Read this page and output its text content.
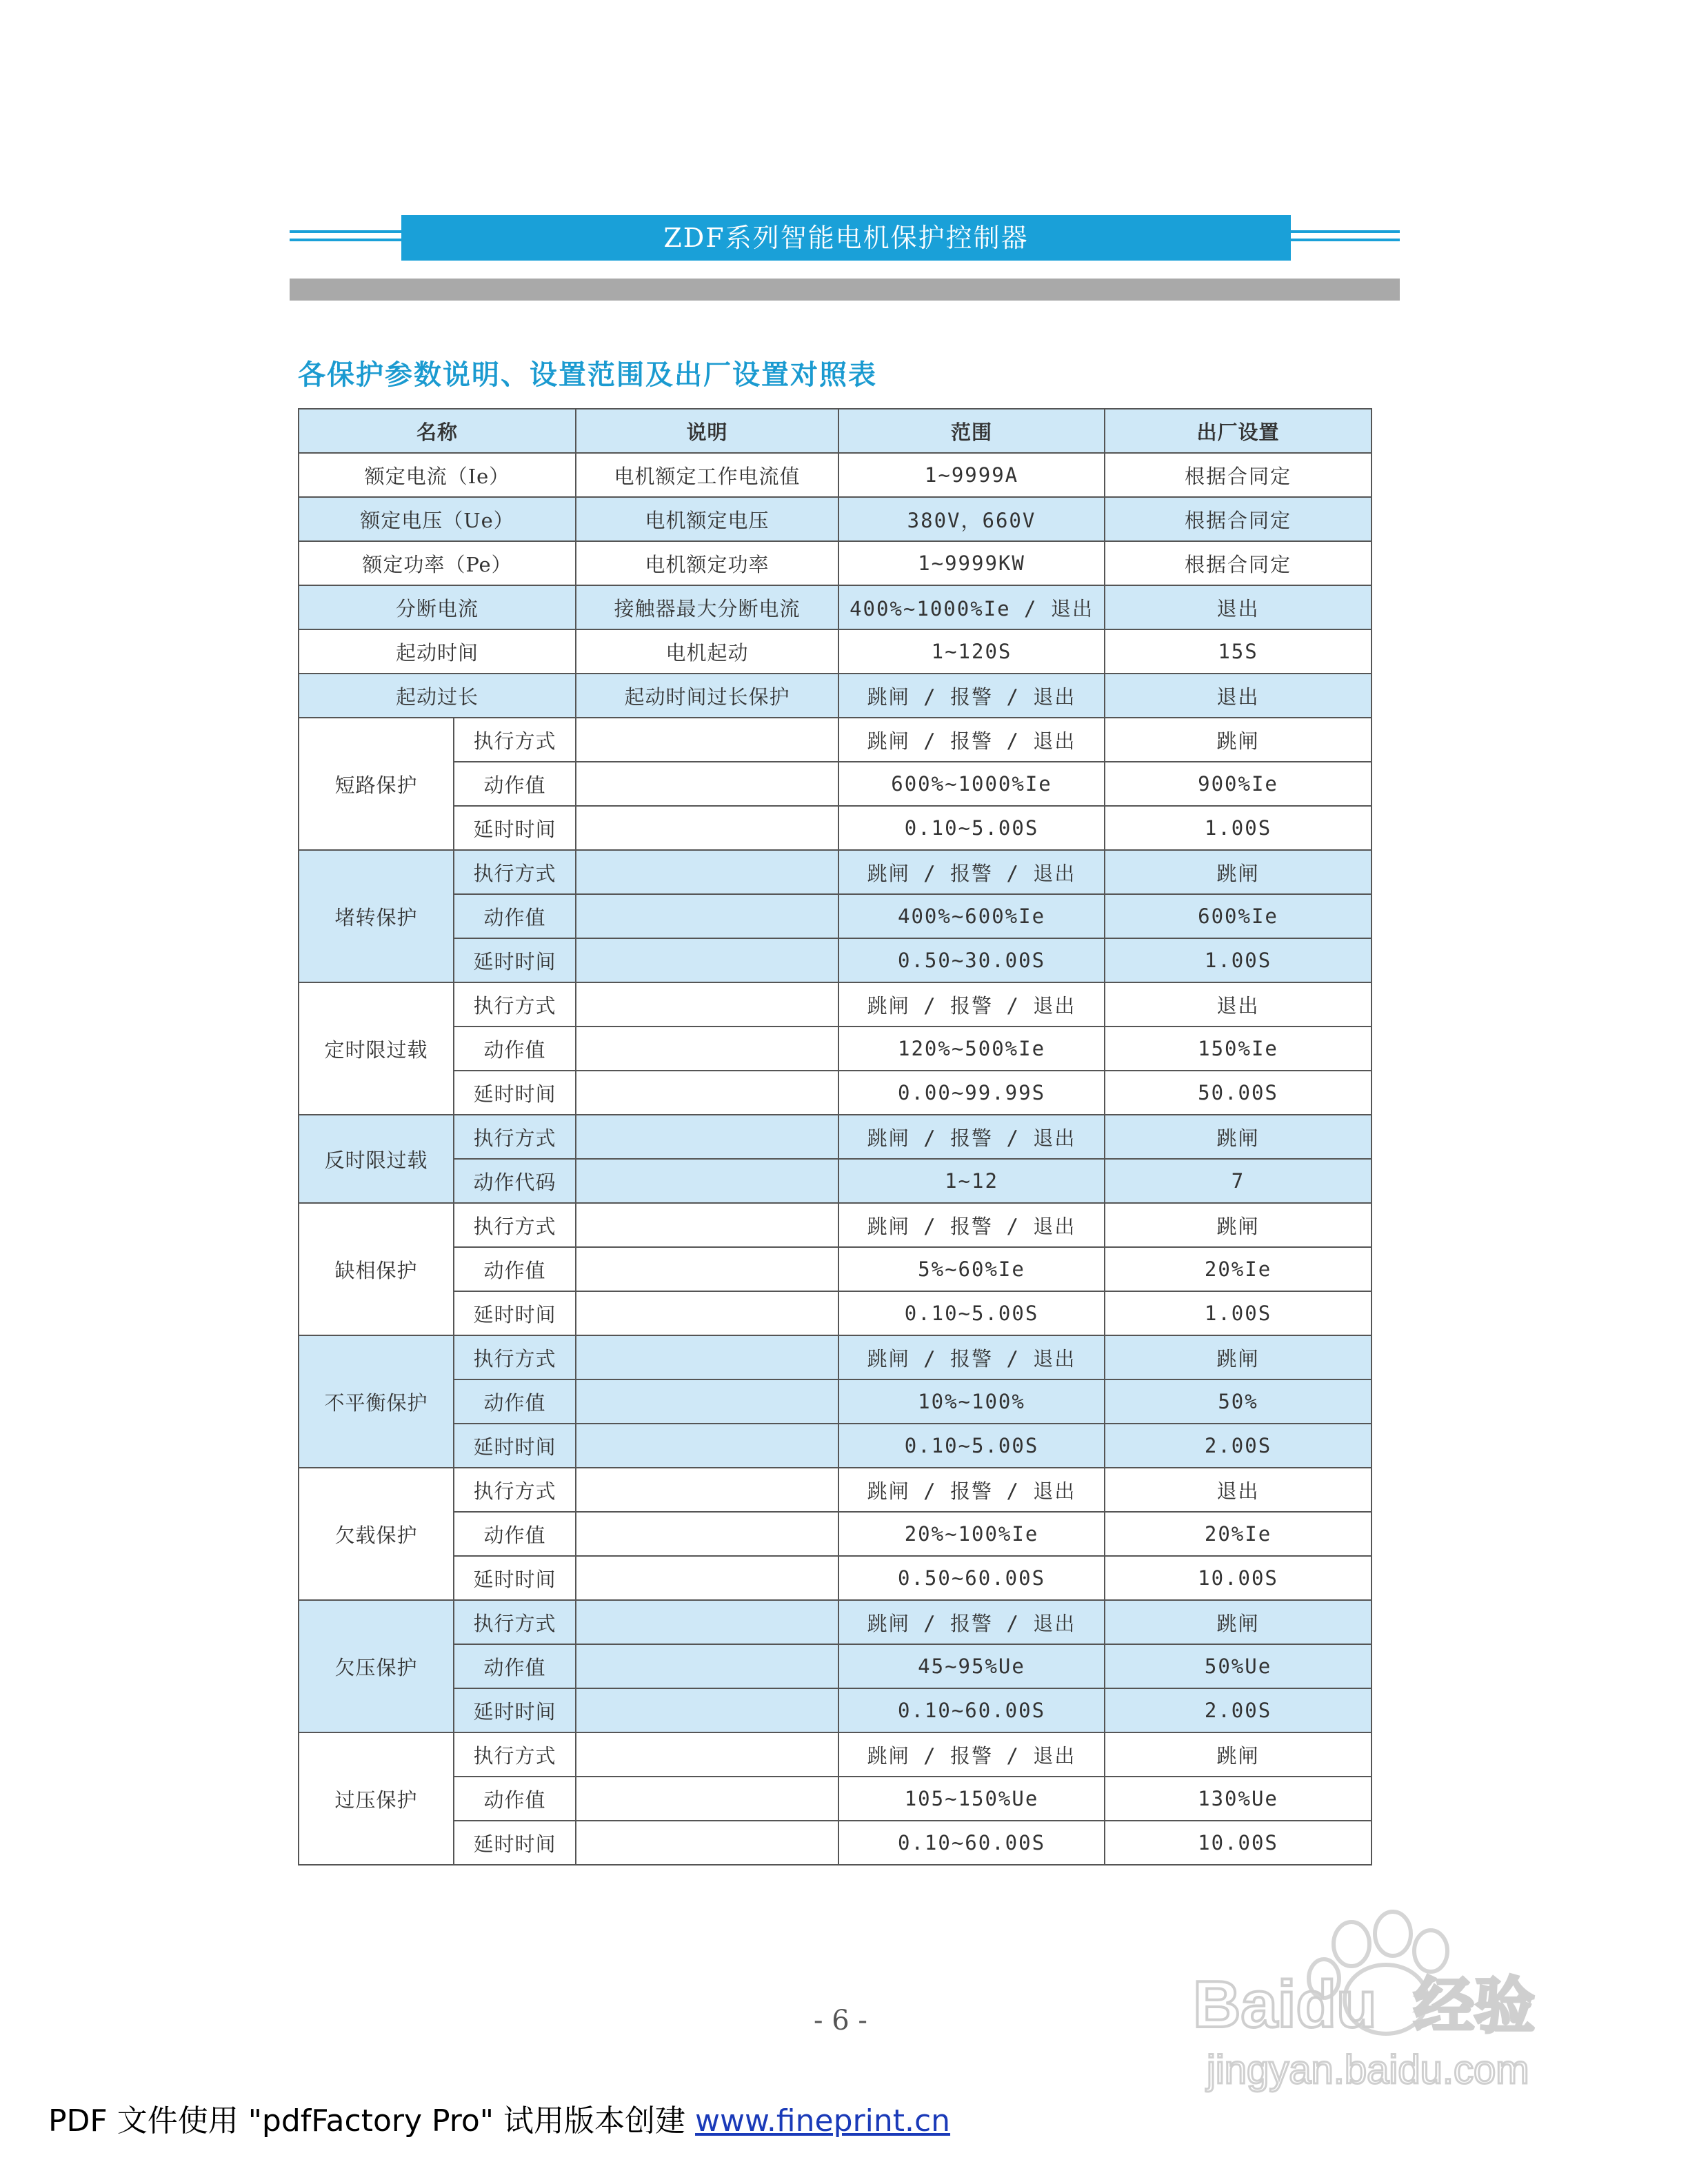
ZDF系列智能电机保护控制器
各保护参数说明、设置范围及出厂设置对照表
名称		说明	范围	出厂设置
额定电流（Ie）		电机额定工作电流值	1~9999A	根据合同定
额定电压（Ue）		电机额定电压	380V，660V	根据合同定
额定功率（Pe）		电机额定功率	1~9999KW	根据合同定
分断电流		接触器最大分断电流	400%~1000%Ie / 退出	退出
起动时间		电机起动	1~120S	15S
起动过长		起动时间过长保护	跳闸 / 报警 / 退出	退出
短路保护	执行方式		跳闸 / 报警 / 退出	跳闸
	动作值		600%~1000%Ie	900%Ie
	延时时间		0.10~5.00S	1.00S
堵转保护	执行方式		跳闸 / 报警 / 退出	跳闸
	动作值		400%~600%Ie	600%Ie
	延时时间		0.50~30.00S	1.00S
定时限过载	执行方式		跳闸 / 报警 / 退出	退出
	动作值		120%~500%Ie	150%Ie
	延时时间		0.00~99.99S	50.00S
反时限过载	执行方式		跳闸 / 报警 / 退出	跳闸
	动作代码		1~12	7
缺相保护	执行方式		跳闸 / 报警 / 退出	跳闸
	动作值		5%~60%Ie	20%Ie
	延时时间		0.10~5.00S	1.00S
不平衡保护	执行方式		跳闸 / 报警 / 退出	跳闸
	动作值		10%~100%	50%
	延时时间		0.10~5.00S	2.00S
欠载保护	执行方式		跳闸 / 报警 / 退出	退出
	动作值		20%~100%Ie	20%Ie
	延时时间		0.50~60.00S	10.00S
欠压保护	执行方式		跳闸 / 报警 / 退出	跳闸
	动作值		45~95%Ue	50%Ue
	延时时间		0.10~60.00S	2.00S
过压保护	执行方式		跳闸 / 报警 / 退出	跳闸
	动作值		105~150%Ue	130%Ue
	延时时间		0.10~60.00S	10.00S
- 6 -
PDF 文件使用 "pdfFactory Pro" 试用版本创建 www.fineprint.cn
Baidu 经验
jingyan.baidu.com
